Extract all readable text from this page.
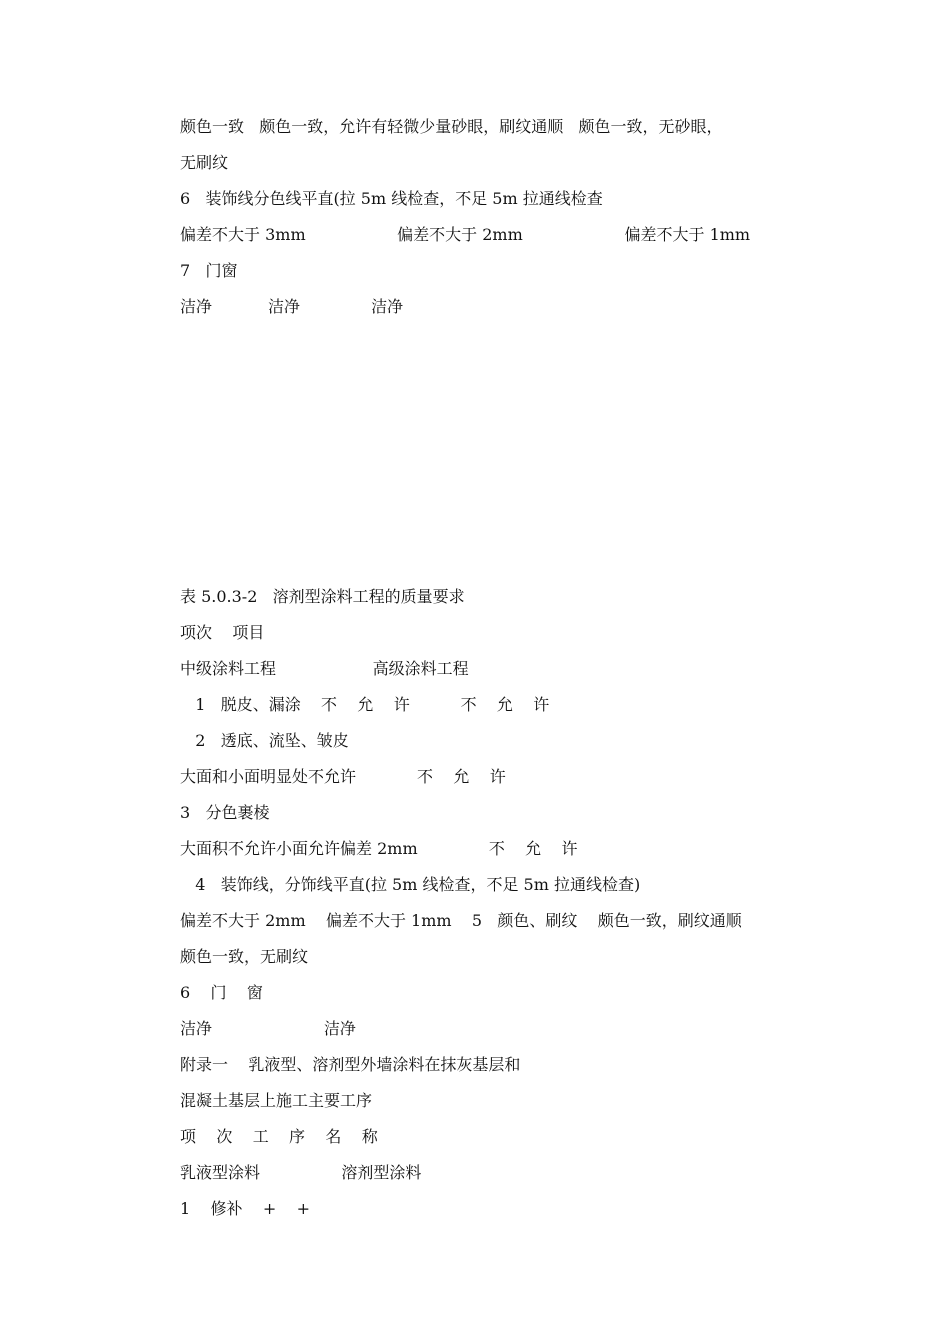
颇色一致   颇色一致，允许有轻微少量砂眼，刷纹通顺   颇色一致，无砂眼，

无刷纹

6   装饰线分色线平直(拉 5m 线检查，不足 5m 拉通线检查

偏差不大于 3mm                  偏差不大于 2mm                    偏差不大于 1mm

7   门窗

洁净           洁净              洁净

表 5.0.3-2   溶剂型涂料工程的质量要求

项次    项目

中级涂料工程                   高级涂料工程

1   脱皮、漏涂    不    允    许          不    允    许

2   透底、流坠、皱皮

大面和小面明显处不允许            不    允    许

3   分色裹棱

大面积不允许小面允许偏差 2mm              不    允    许

4   装饰线，分饰线平直(拉 5m 线检查，不足 5m 拉通线检查)

偏差不大于 2mm    偏差不大于 1mm    5   颜色、刷纹    颇色一致，刷纹通顺

颇色一致，无刷纹

6    门    窗

洁净                      洁净

附录一    乳液型、溶剂型外墙涂料在抹灰基层和

混凝土基层上施工主要工序

项    次    工    序    名    称

乳液型涂料                溶剂型涂料

1    修补    +    +
